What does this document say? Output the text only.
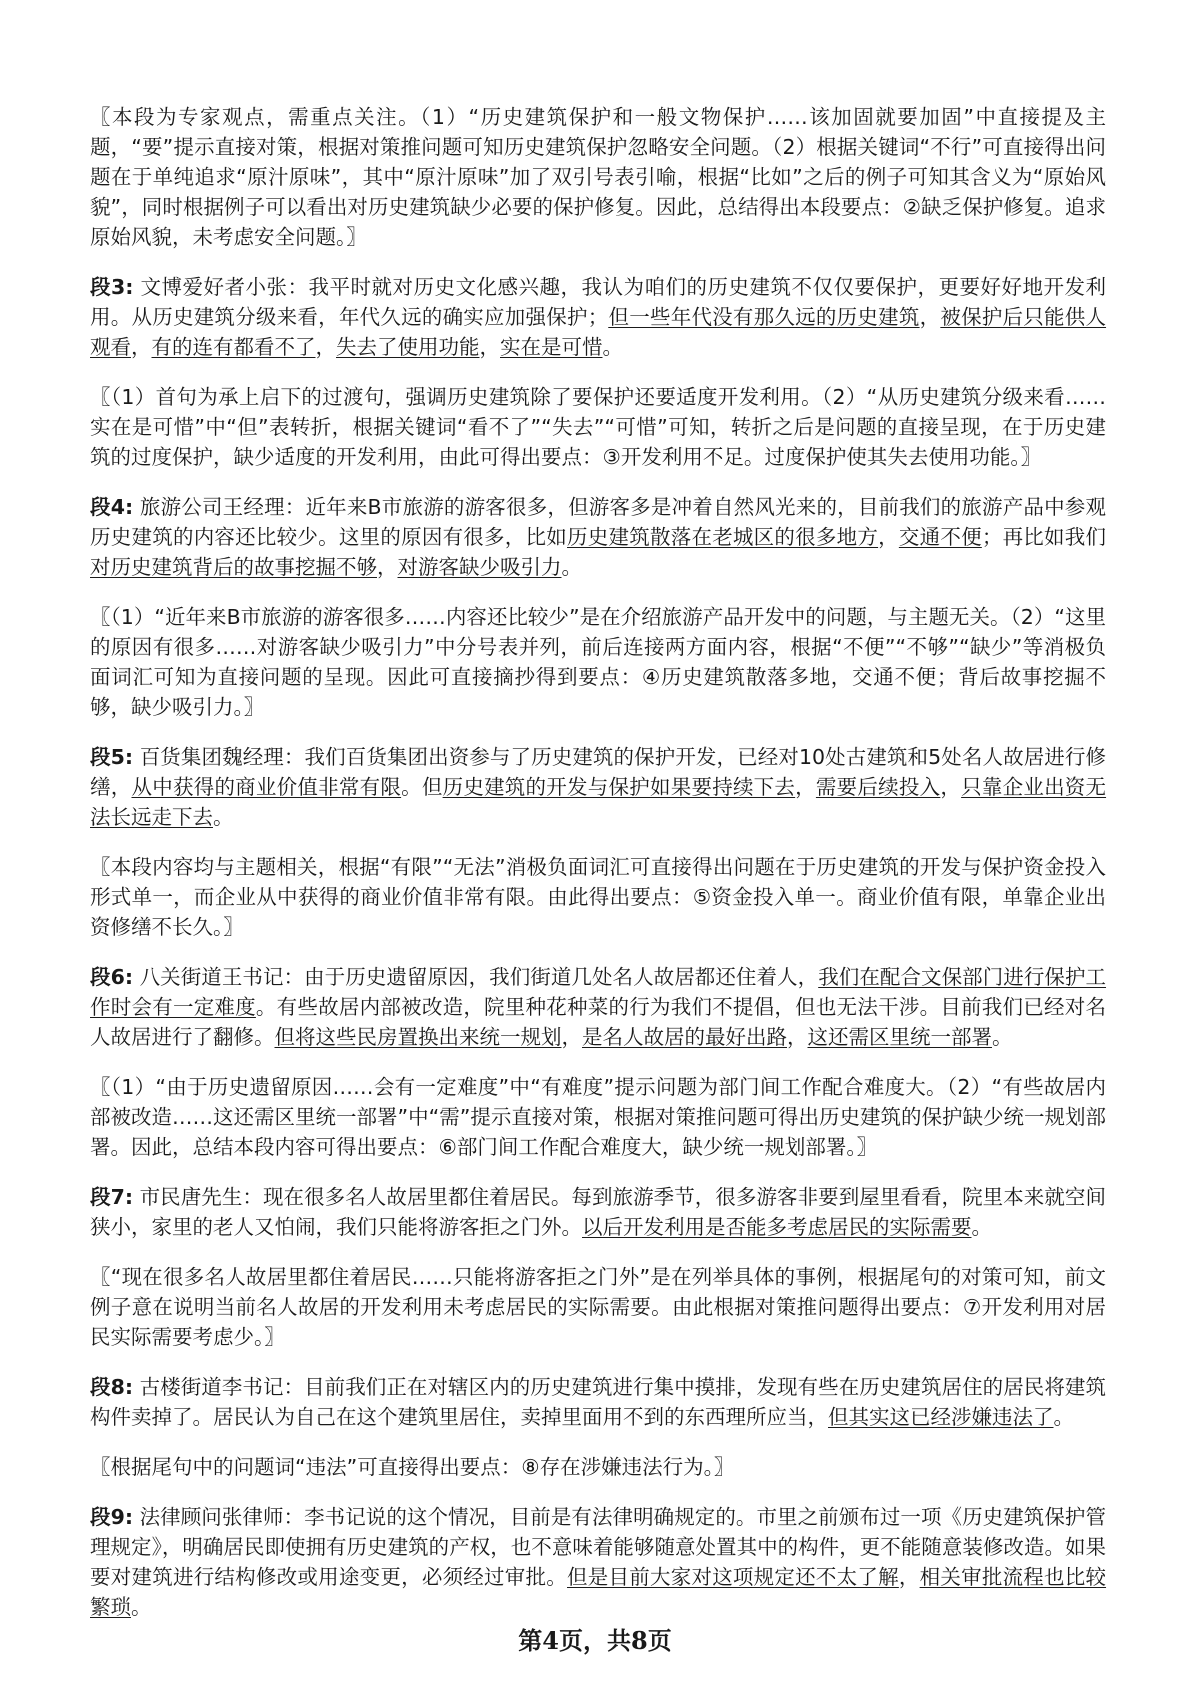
〖本段为专家观点，需重点关注。（1）“历史建筑保护和一般文物保护……该加固就要加固”中直接提及主题，“要”提示直接对策，根据对策推问题可知历史建筑保护忽略安全问题。（2）根据关键词“不行”可直接得出问题在于单纯追求“原汁原味”，其中“原汁原味”加了双引号表引喻，根据“比如”之后的例子可知其含义为“原始风貌”，同时根据例子可以看出对历史建筑缺少必要的保护修复。因此，总结得出本段要点：②缺乏保护修复。追求原始风貌，未考虑安全问题。〗
段3: 文博爱好者小张：我平时就对历史文化感兴趣，我认为咱们的历史建筑不仅仅要保护，更要好好地开发利用。从历史建筑分级来看，年代久远的确实应加强保护；但一些年代没有那久远的历史建筑，被保护后只能供人观看，有的连有都看不了，失去了使用功能，实在是可惜。
〖（1）首句为承上启下的过渡句，强调历史建筑除了要保护还要适度开发利用。（2）“从历史建筑分级来看……实在是可惜”中“但”表转折，根据关键词“看不了”“失去”“可惜”可知，转折之后是问题的直接呈现，在于历史建筑的过度保护，缺少适度的开发利用，由此可得出要点：③开发利用不足。过度保护使其失去使用功能。〗
段4: 旅游公司王经理：近年来B市旅游的游客很多，但游客多是冲着自然风光来的，目前我们的旅游产品中参观历史建筑的内容还比较少。这里的原因有很多，比如历史建筑散落在老城区的很多地方，交通不便；再比如我们对历史建筑背后的故事挖掘不够，对游客缺少吸引力。
〖（1）“近年来B市旅游的游客很多……内容还比较少”是在介绍旅游产品开发中的问题，与主题无关。（2）“这里的原因有很多……对游客缺少吸引力”中分号表并列，前后连接两方面内容，根据“不便”“不够”“缺少”等消极负面词汇可知为直接问题的呈现。因此可直接摘抄得到要点：④历史建筑散落多地，交通不便；背后故事挖掘不够，缺少吸引力。〗
段5: 百货集团魏经理：我们百货集团出资参与了历史建筑的保护开发，已经对10处古建筑和5处名人故居进行修缮，从中获得的商业价值非常有限。但历史建筑的开发与保护如果要持续下去，需要后续投入，只靠企业出资无法长远走下去。
〖本段内容均与主题相关，根据“有限”“无法”消极负面词汇可直接得出问题在于历史建筑的开发与保护资金投入形式单一，而企业从中获得的商业价值非常有限。由此得出要点：⑤资金投入单一。商业价值有限，单靠企业出资修缮不长久。〗
段6: 八关街道王书记：由于历史遗留原因，我们街道几处名人故居都还住着人，我们在配合文保部门进行保护工作时会有一定难度。有些故居内部被改造，院里种花种菜的行为我们不提倡，但也无法干涉。目前我们已经对名人故居进行了翻修。但将这些民房置换出来统一规划，是名人故居的最好出路，这还需区里统一部署。
〖（1）“由于历史遗留原因……会有一定难度”中“有难度”提示问题为部门间工作配合难度大。（2）“有些故居内部被改造……这还需区里统一部署”中“需”提示直接对策，根据对策推问题可得出历史建筑的保护缺少统一规划部署。因此，总结本段内容可得出要点：⑥部门间工作配合难度大，缺少统一规划部署。〗
段7: 市民唐先生：现在很多名人故居里都住着居民。每到旅游季节，很多游客非要到屋里看看，院里本来就空间狭小，家里的老人又怕闹，我们只能将游客拒之门外。以后开发利用是否能多考虑居民的实际需要。
〖“现在很多名人故居里都住着居民……只能将游客拒之门外”是在列举具体的事例，根据尾句的对策可知，前文例子意在说明当前名人故居的开发利用未考虑居民的实际需要。由此根据对策推问题得出要点：⑦开发利用对居民实际需要考虑少。〗
段8: 古楼街道李书记：目前我们正在对辖区内的历史建筑进行集中摸排，发现有些在历史建筑居住的居民将建筑构件卖掉了。居民认为自己在这个建筑里居住，卖掉里面用不到的东西理所应当，但其实这已经涉嫌违法了。
〖根据尾句中的问题词“违法”可直接得出要点：⑧存在涉嫌违法行为。〗
段9: 法律顾问张律师：李书记说的这个情况，目前是有法律明确规定的。市里之前颁布过一项《历史建筑保护管理规定》，明确居民即使拥有历史建筑的产权，也不意味着能够随意处置其中的构件，更不能随意装修改造。如果要对建筑进行结构修改或用途变更，必须经过审批。但是目前大家对这项规定还不太了解，相关审批流程也比较繁琐。
第4页，共8页
